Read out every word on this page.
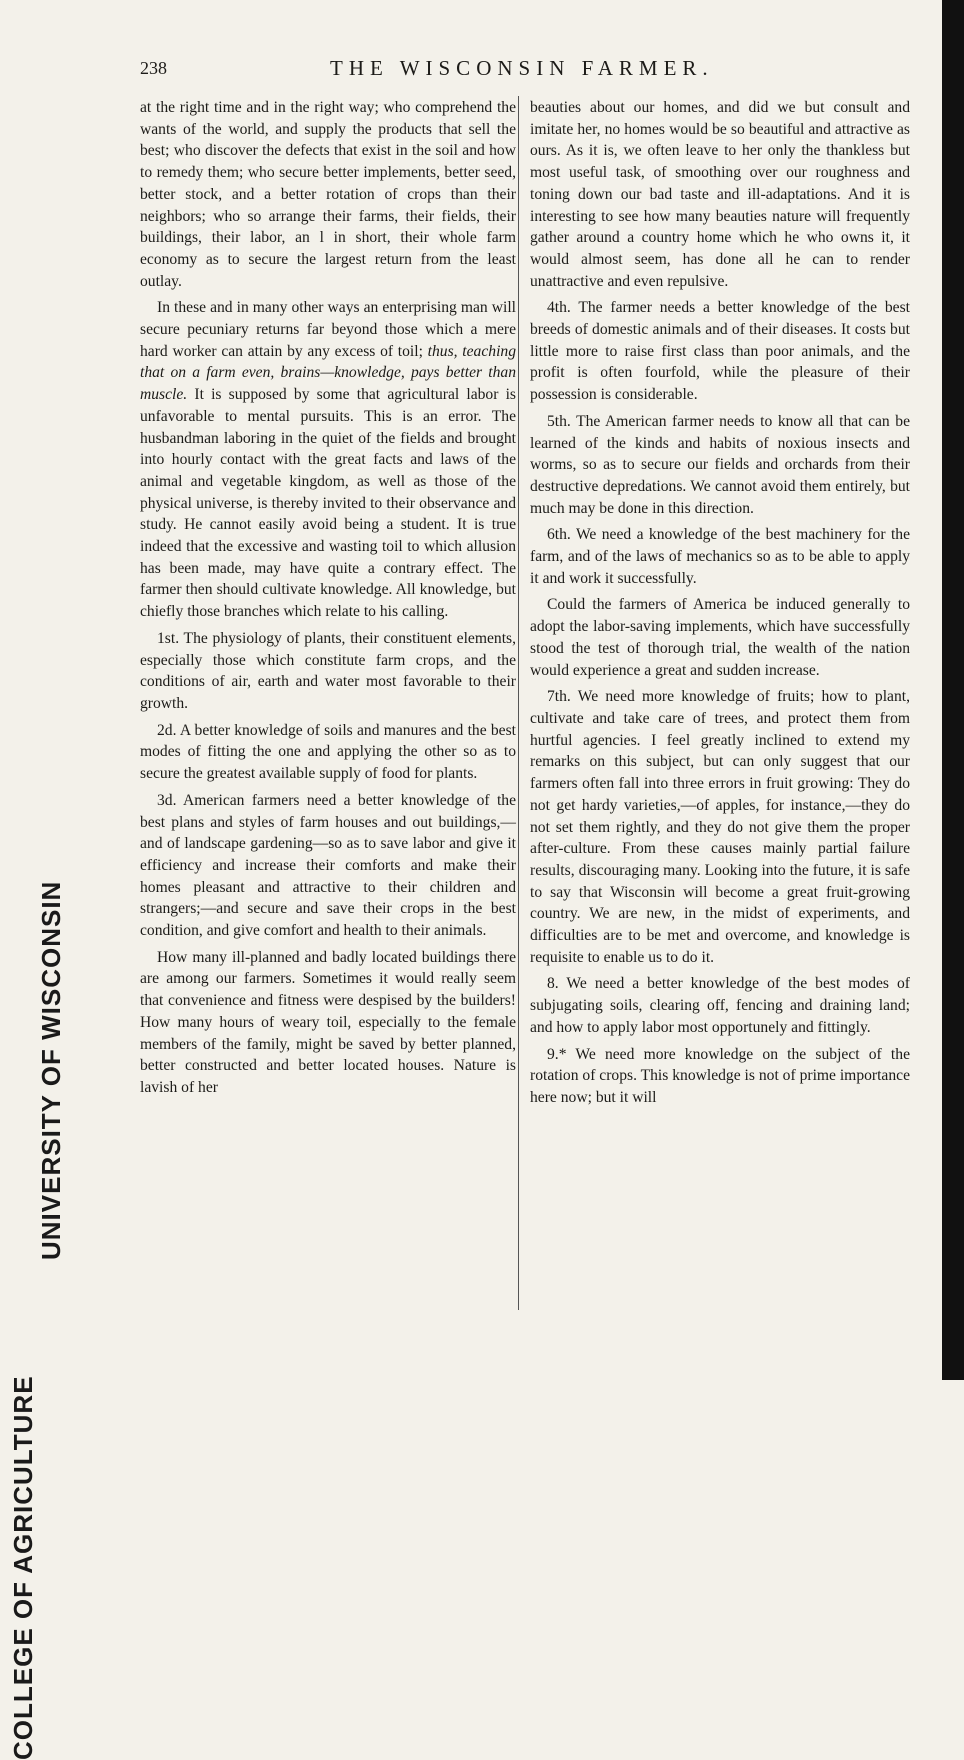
COLLEGE OF AGRICULTURE
UNIVERSITY OF WISCONSIN
238	THE WISCONSIN FARMER.

at the right time and in the right way; who comprehend the wants of the world, and supply the products that sell the best; who discover the defects that exist in the soil and how to remedy them; who secure better implements, better seed, better stock, and a better rotation of crops than their neighbors; who so arrange their farms, their fields, their buildings, their labor, an l in short, their whole farm economy as to secure the largest return from the least outlay.

In these and in many other ways an enterprising man will secure pecuniary returns far beyond those which a mere hard worker can attain by any excess of toil; thus, teaching that on a farm even, brains—knowledge, pays better than muscle. It is supposed by some that agricultural labor is unfavorable to mental pursuits. This is an error. The husbandman laboring in the quiet of the fields and brought into hourly contact with the great facts and laws of the animal and vegetable kingdom, as well as those of the physical universe, is thereby invited to their observance and study. He cannot easily avoid being a student. It is true indeed that the excessive and wasting toil to which allusion has been made, may have quite a contrary effect. The farmer then should cultivate knowledge. All knowledge, but chiefly those branches which relate to his calling.

1st. The physiology of plants, their constituent elements, especially those which constitute farm crops, and the conditions of air, earth and water most favorable to their growth.

2d. A better knowledge of soils and manures and the best modes of fitting the one and applying the other so as to secure the greatest available supply of food for plants.

3d. American farmers need a better knowledge of the best plans and styles of farm houses and out buildings,—and of landscape gardening—so as to save labor and give it efficiency and increase their comforts and make their homes pleasant and attractive to their children and strangers;—and secure and save their crops in the best condition, and give comfort and health to their animals.

How many ill-planned and badly located buildings there are among our farmers. Sometimes it would really seem that convenience and fitness were despised by the builders! How many hours of weary toil, especially to the female members of the family, might be saved by better planned, better constructed and better located houses. Nature is lavish of her

beauties about our homes, and did we but consult and imitate her, no homes would be so beautiful and attractive as ours. As it is, we often leave to her only the thankless but most useful task, of smoothing over our roughness and toning down our bad taste and ill-adaptations. And it is interesting to see how many beauties nature will frequently gather around a country home which he who owns it, it would almost seem, has done all he can to render unattractive and even repulsive.

4th. The farmer needs a better knowledge of the best breeds of domestic animals and of their diseases. It costs but little more to raise first class than poor animals, and the profit is often fourfold, while the pleasure of their possession is considerable.

5th. The American farmer needs to know all that can be learned of the kinds and habits of noxious insects and worms, so as to secure our fields and orchards from their destructive depredations. We cannot avoid them entirely, but much may be done in this direction.

6th. We need a knowledge of the best machinery for the farm, and of the laws of mechanics so as to be able to apply it and work it successfully.

Could the farmers of America be induced generally to adopt the labor-saving implements, which have successfully stood the test of thorough trial, the wealth of the nation would experience a great and sudden increase.

7th. We need more knowledge of fruits; how to plant, cultivate and take care of trees, and protect them from hurtful agencies. I feel greatly inclined to extend my remarks on this subject, but can only suggest that our farmers often fall into three errors in fruit growing: They do not get hardy varieties,—of apples, for instance,—they do not set them rightly, and they do not give them the proper after-culture. From these causes mainly partial failure results, discouraging many. Looking into the future, it is safe to say that Wisconsin will become a great fruit-growing country. We are new, in the midst of experiments, and difficulties are to be met and overcome, and knowledge is requisite to enable us to do it.

8. We need a better knowledge of the best modes of subjugating soils, clearing off, fencing and draining land; and how to apply labor most opportunely and fittingly.

9.* We need more knowledge on the subject of the rotation of crops. This knowledge is not of prime importance here now; but it will
